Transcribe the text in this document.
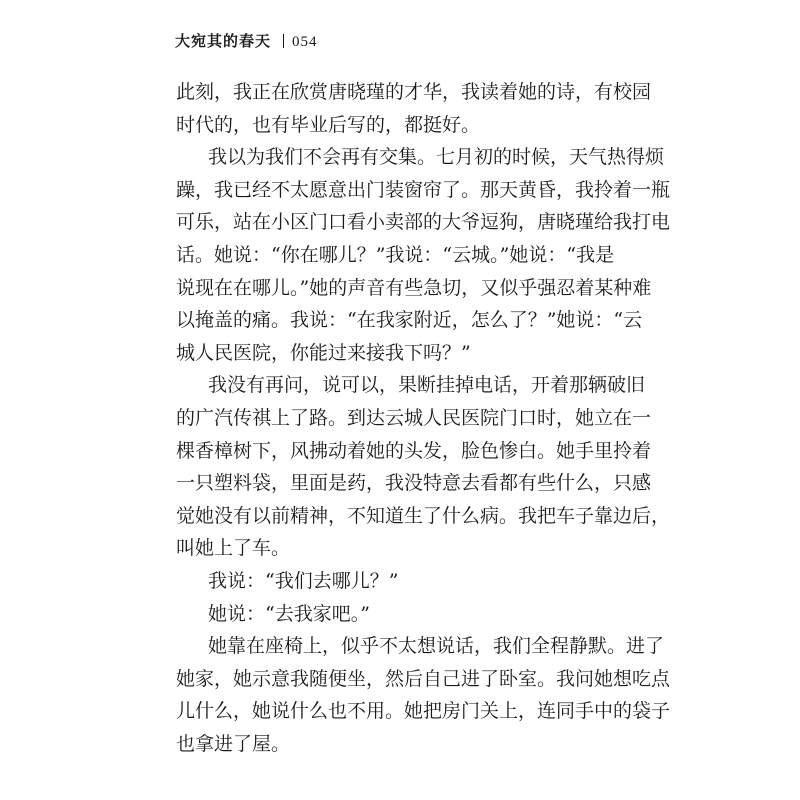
大宛其的春天 054
此刻，我正在欣赏唐晓瑾的才华，我读着她的诗，有校园
时代的，也有毕业后写的，都挺好。
我以为我们不会再有交集。七月初的时候，天气热得烦
躁，我已经不太愿意出门装窗帘了。那天黄昏，我拎着一瓶
可乐，站在小区门口看小卖部的大爷逗狗，唐晓瑾给我打电
话。她说：“你在哪儿？”我说：“云城。”她说：“我是
说现在在哪儿。”她的声音有些急切，又似乎强忍着某种难
以掩盖的痛。我说：“在我家附近，怎么了？”她说：“云
城人民医院，你能过来接我下吗？”
我没有再问，说可以，果断挂掉电话，开着那辆破旧
的广汽传祺上了路。到达云城人民医院门口时，她立在一
棵香樟树下，风拂动着她的头发，脸色惨白。她手里拎着
一只塑料袋，里面是药，我没特意去看都有些什么，只感
觉她没有以前精神，不知道生了什么病。我把车子靠边后，
叫她上了车。
我说：“我们去哪儿？”
她说：“去我家吧。”
她靠在座椅上，似乎不太想说话，我们全程静默。进了
她家，她示意我随便坐，然后自己进了卧室。我问她想吃点
儿什么，她说什么也不用。她把房门关上，连同手中的袋子
也拿进了屋。
